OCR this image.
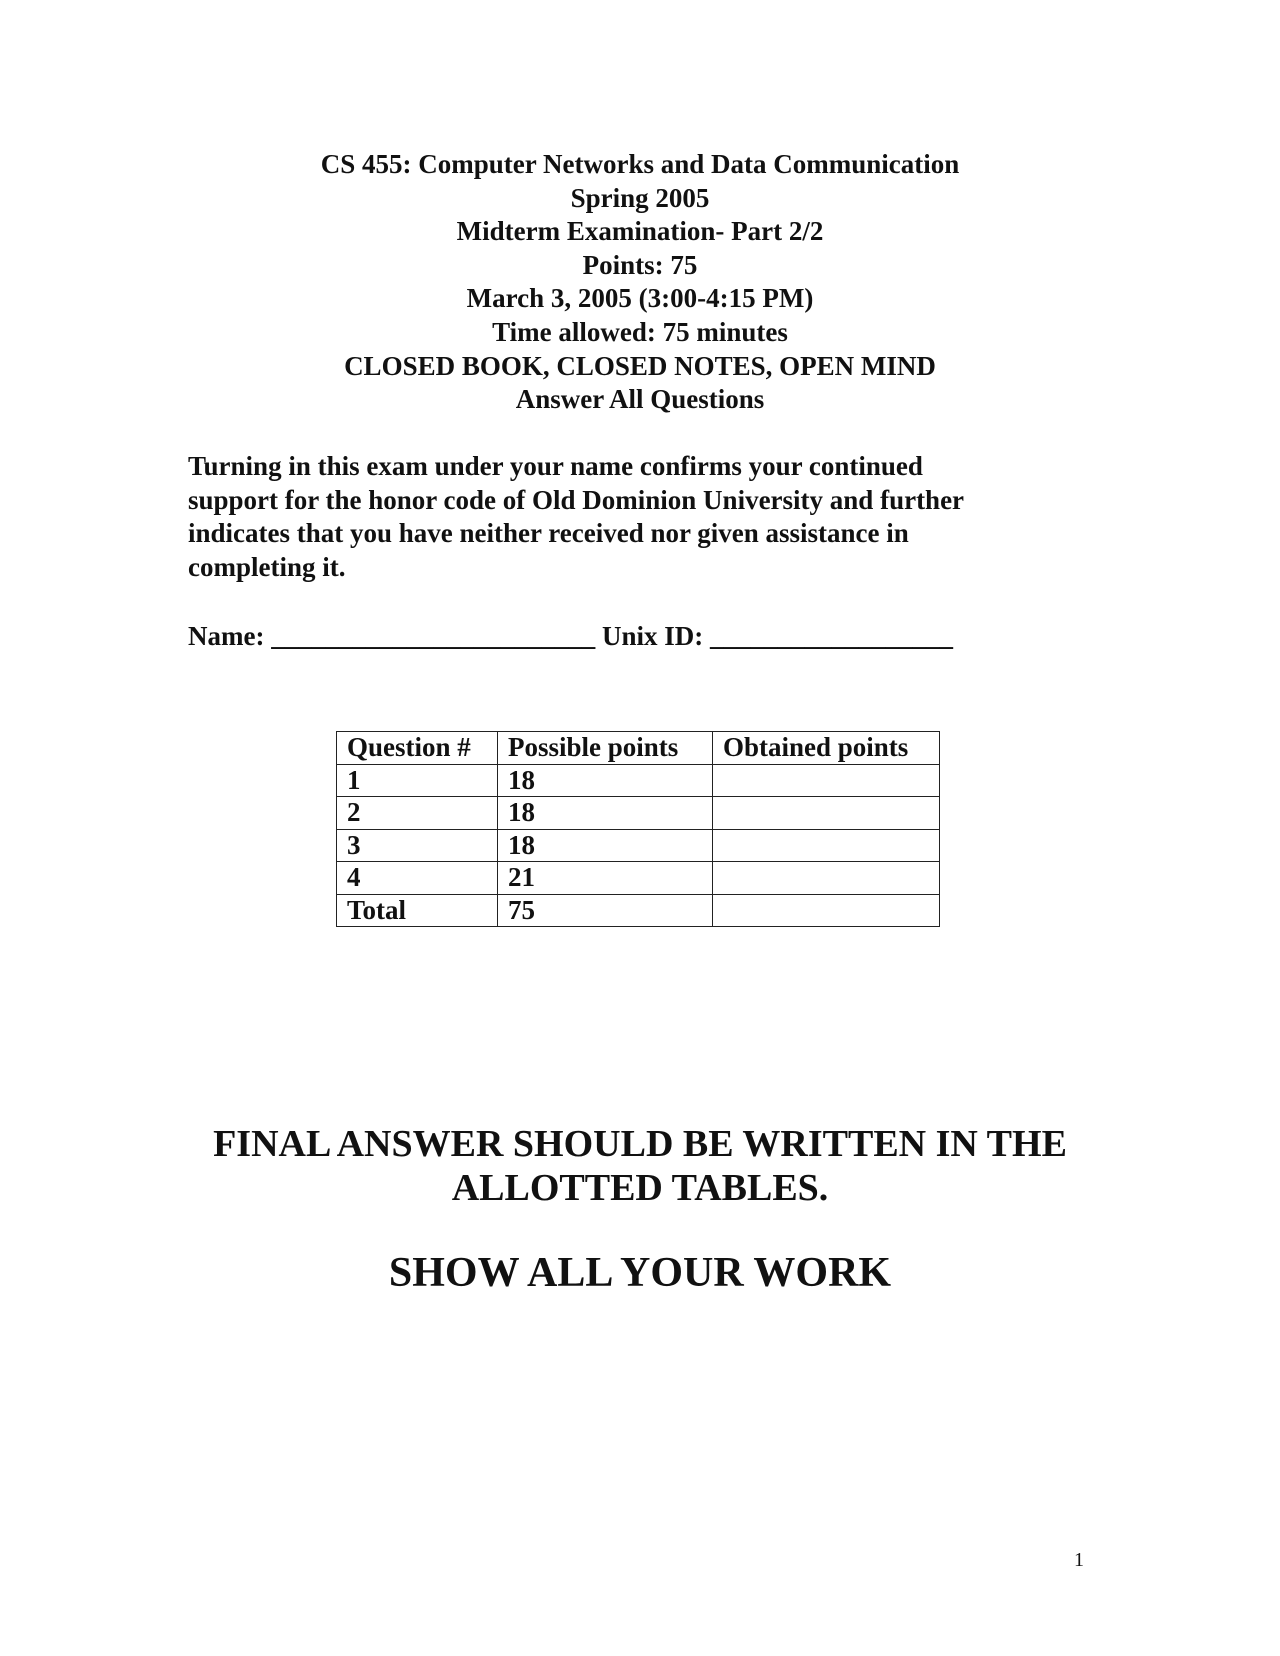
CS 455: Computer Networks and Data Communication
Spring 2005
Midterm Examination- Part 2/2
Points: 75
March 3, 2005 (3:00-4:15 PM)
Time allowed: 75 minutes
CLOSED BOOK, CLOSED NOTES, OPEN MIND
Answer All Questions
Turning in this exam under your name confirms your continued
support for the honor code of Old Dominion University and further
indicates that you have neither received nor given assistance in
completing it.
Name: ________________________ Unix ID: __________________
Question #	Possible points	Obtained points
1	18	
2	18	
3	18	
4	21	
Total	75	
FINAL ANSWER SHOULD BE WRITTEN IN THE
ALLOTTED TABLES.
SHOW ALL YOUR WORK
1
